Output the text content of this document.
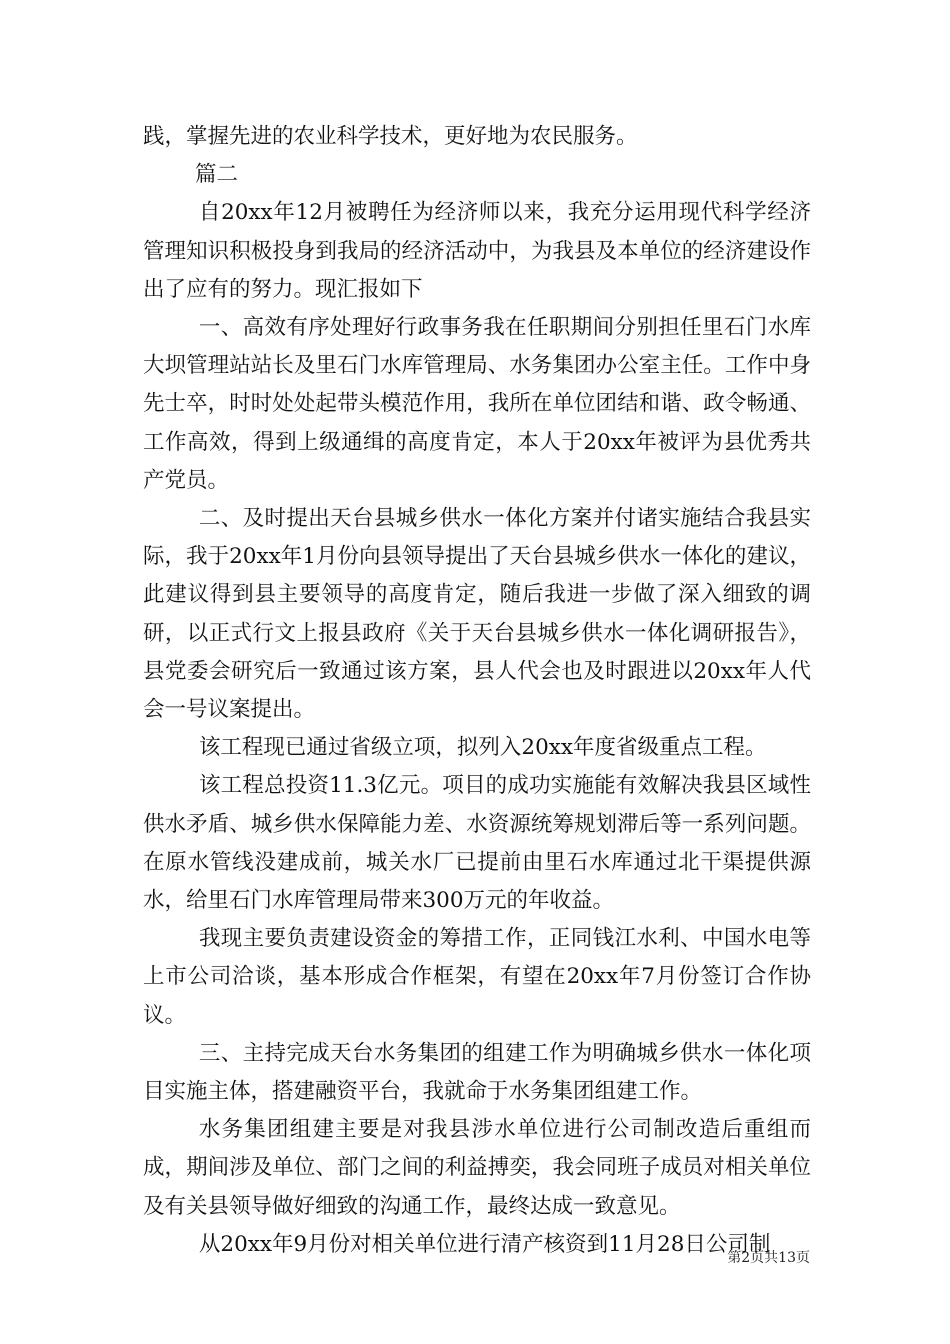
践，掌握先进的农业科学技术，更好地为农民服务。

篇二

自20xx年12月被聘任为经济师以来，我充分运用现代科学经济管理知识积极投身到我局的经济活动中，为我县及本单位的经济建设作出了应有的努力。现汇报如下

一、高效有序处理好行政事务我在任职期间分别担任里石门水库大坝管理站站长及里石门水库管理局、水务集团办公室主任。工作中身先士卒，时时处处起带头模范作用，我所在单位团结和谐、政令畅通、工作高效，得到上级通缉的高度肯定，本人于20xx年被评为县优秀共产党员。

二、及时提出天台县城乡供水一体化方案并付诸实施结合我县实际，我于20xx年1月份向县领导提出了天台县城乡供水一体化的建议，此建议得到县主要领导的高度肯定，随后我进一步做了深入细致的调研，以正式行文上报县政府《关于天台县城乡供水一体化调研报告》，县党委会研究后一致通过该方案，县人代会也及时跟进以20xx年人代会一号议案提出。

该工程现已通过省级立项，拟列入20xx年度省级重点工程。

该工程总投资11.3亿元。项目的成功实施能有效解决我县区域性供水矛盾、城乡供水保障能力差、水资源统筹规划滞后等一系列问题。在原水管线没建成前，城关水厂已提前由里石水库通过北干渠提供源水，给里石门水库管理局带来300万元的年收益。

我现主要负责建设资金的筹措工作，正同钱江水利、中国水电等上市公司洽谈，基本形成合作框架，有望在20xx年7月份签订合作协议。

三、主持完成天台水务集团的组建工作为明确城乡供水一体化项目实施主体，搭建融资平台，我就命于水务集团组建工作。

水务集团组建主要是对我县涉水单位进行公司制改造后重组而成，期间涉及单位、部门之间的利益搏奕，我会同班子成员对相关单位及有关县领导做好细致的沟通工作，最终达成一致意见。

从20xx年9月份对相关单位进行清产核资到11月28日公司制

第2页共13页
